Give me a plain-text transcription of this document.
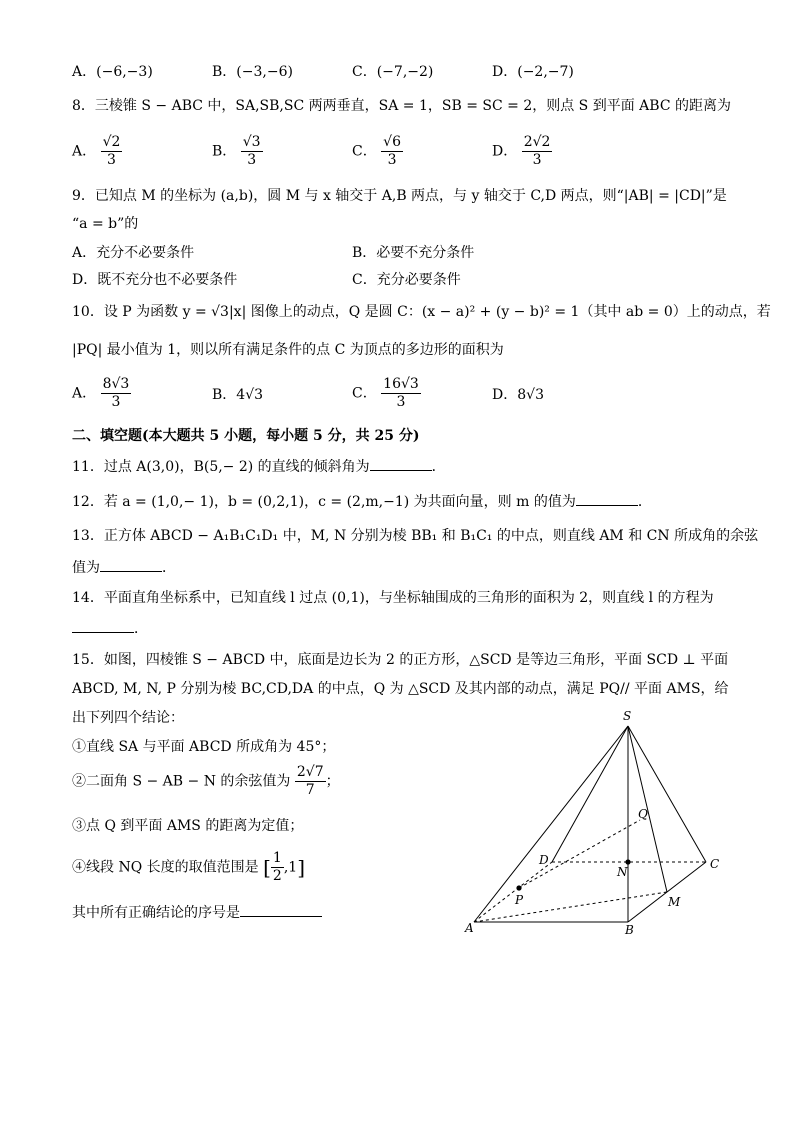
A．(−6,−3)	B．(−3,−6)	C．(−7,−2)	D．(−2,−7)
8．三棱锥 S − ABC 中，SA,SB,SC 两两垂直，SA = 1，SB = SC = 2，则点 S 到平面 ABC 的距离为
A． $\frac{√2}{3}$	B． $\frac{√3}{3}$	C． $\frac{√6}{3}$	D． $\frac{2√2}{3}$
9．已知点 M 的坐标为 (a,b)，圆 M 与 x 轴交于 A,B 两点，与 y 轴交于 C,D 两点，则“|AB| = |CD|”是
“a = b”的
A．充分不必要条件	B．必要不充分条件
D．既不充分也不必要条件	C．充分必要条件
10．设 P 为函数 y = √3|x| 图像上的动点，Q 是圆 C：(x − a)² + (y − b)² = 1（其中 ab = 0）上的动点，若
|PQ| 最小值为 1，则以所有满足条件的点 C 为顶点的多边形的面积为
A． $\frac{8√3}{3}$	B．4√3	C． $\frac{16√3}{3}$	D．8√3
二、填空题(本大题共 5 小题，每小题 5 分，共 25 分)
11．过点 A(3,0)，B(5,− 2) 的直线的倾斜角为	．
12．若 a = (1,0,− 1)，b = (0,2,1)，c = (2,m,−1) 为共面向量，则 m 的值为	．
13．正方体 ABCD − A₁B₁C₁D₁ 中，M, N 分别为棱 BB₁ 和 B₁C₁ 的中点，则直线 AM 和 CN 所成角的余弦
值为	．
14．平面直角坐标系中，已知直线 l 过点 (0,1)，与坐标轴围成的三角形的面积为 2，则直线 l 的方程为
．
15．如图，四棱锥 S − ABCD 中，底面是边长为 2 的正方形，△SCD 是等边三角形，平面 SCD ⊥ 平面
ABCD, M, N, P 分别为棱 BC,CD,DA 的中点，Q 为 △SCD 及其内部的动点，满足 PQ// 平面 AMS，给
出下列四个结论：
①直线 SA 与平面 ABCD 所成角为 45°；
②二面角 S − AB − N 的余弦值为 $\frac{2√7}{7}$ ；
③点 Q 到平面 AMS 的距离为定值；
④线段 NQ 长度的取值范围是 [ $\frac{1}{2} ,1$]
其中所有正确结论的序号是
S
Q
D
N
C
P	M
A	B
